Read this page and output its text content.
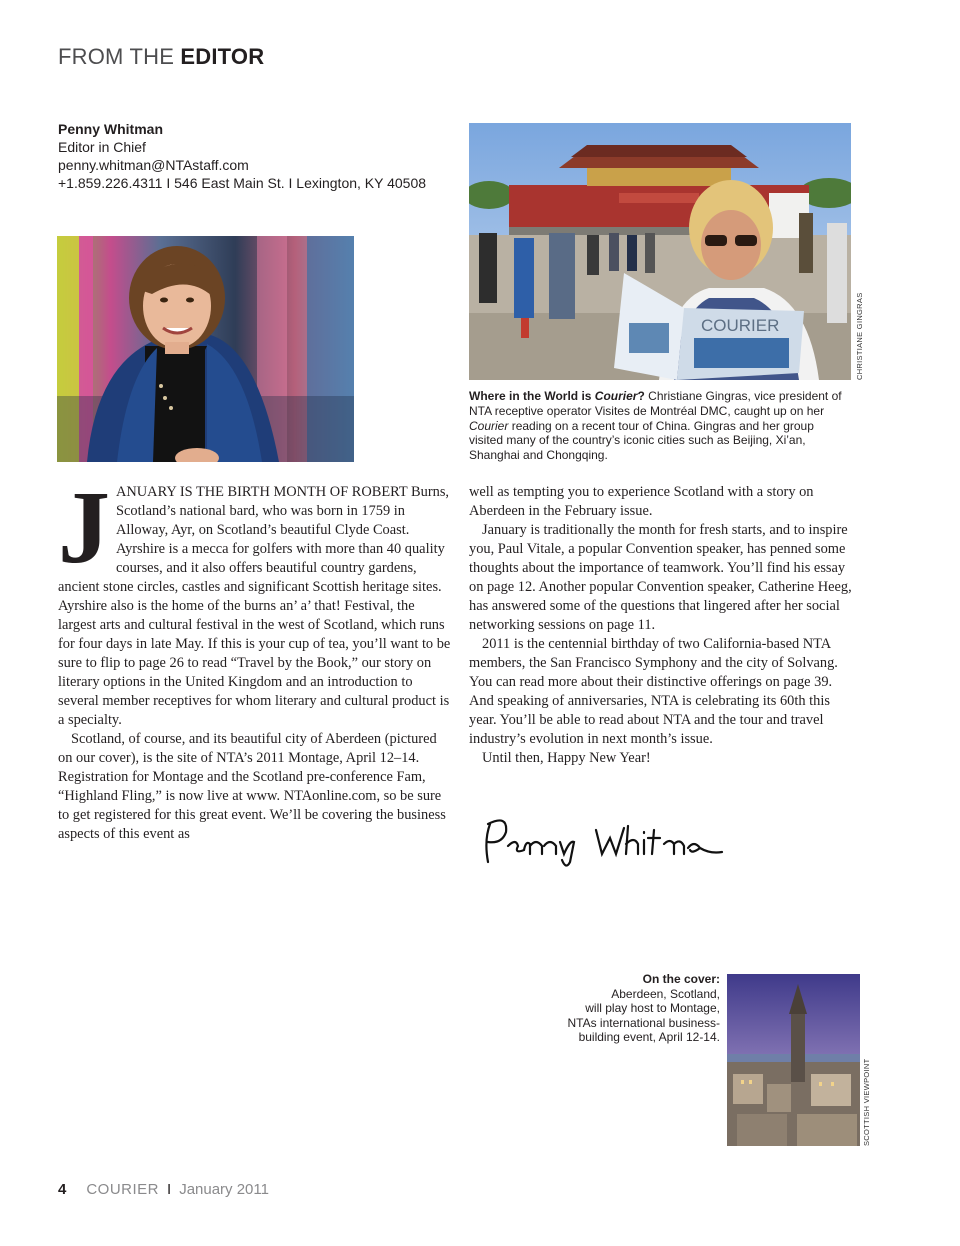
FROM THE EDITOR
Penny Whitman
Editor in Chief
penny.whitman@NTAstaff.com
+1.859.226.4311 I 546 East Main St. I Lexington, KY 40508
COURIER	CHRISTIANE GINGRAS
Where in the World is Courier? Christiane Gingras, vice president of NTA receptive operator Visites de Montréal DMC, caught up on her Courier reading on a recent tour of China. Gingras and her group visited many of the country’s iconic cities such as Beijing, Xi’an, Shanghai and Chongqing.

JANUARY IS THE BIRTH MONTH OF ROBERT Burns, Scotland’s national bard, who was born in 1759 in Alloway, Ayr, on Scotland’s beautiful Clyde Coast. Ayrshire is a mecca for golfers with more than 40 quality courses, and it also offers beautiful country gardens, ancient stone circles, castles and significant Scottish heritage sites. Ayrshire also is the home of the burns an’ a’ that! Festival, the largest arts and cultural festival in the west of Scotland, which runs for four days in late May. If this is your cup of tea, you’ll want to be sure to flip to page 26 to read “Travel by the Book,” our story on literary options in the United Kingdom and an introduction to several member receptives for whom literary and cultural product is a specialty.

Scotland, of course, and its beautiful city of Aberdeen (pictured on our cover), is the site of NTA’s 2011 Montage, April 12–14. Registration for Montage and the Scotland pre-conference Fam, “Highland Fling,” is now live at www. NTAonline.com, so be sure to get registered for this great event. We’ll be covering the business aspects of this event as

well as tempting you to experience Scotland with a story on Aberdeen in the February issue.

January is traditionally the month for fresh starts, and to inspire you, Paul Vitale, a popular Convention speaker, has penned some thoughts about the importance of teamwork. You’ll find his essay on page 12. Another popular Convention speaker, Catherine Heeg, has answered some of the questions that lingered after her social networking sessions on page 11.

2011 is the centennial birthday of two California-based NTA members, the San Francisco Symphony and the city of Solvang. You can read more about their distinctive offerings on page 39. And speaking of anniversaries, NTA is celebrating its 60th this year. You’ll be able to read about NTA and the tour and travel industry’s evolution in next month’s issue.

Until then, Happy New Year!

On the cover:
Aberdeen, Scotland,
will play host to Montage,
NTAs international business-
building event, April 12‑14.
SCOTTISH VIEWPOINT
4 COURIER I January 2011
